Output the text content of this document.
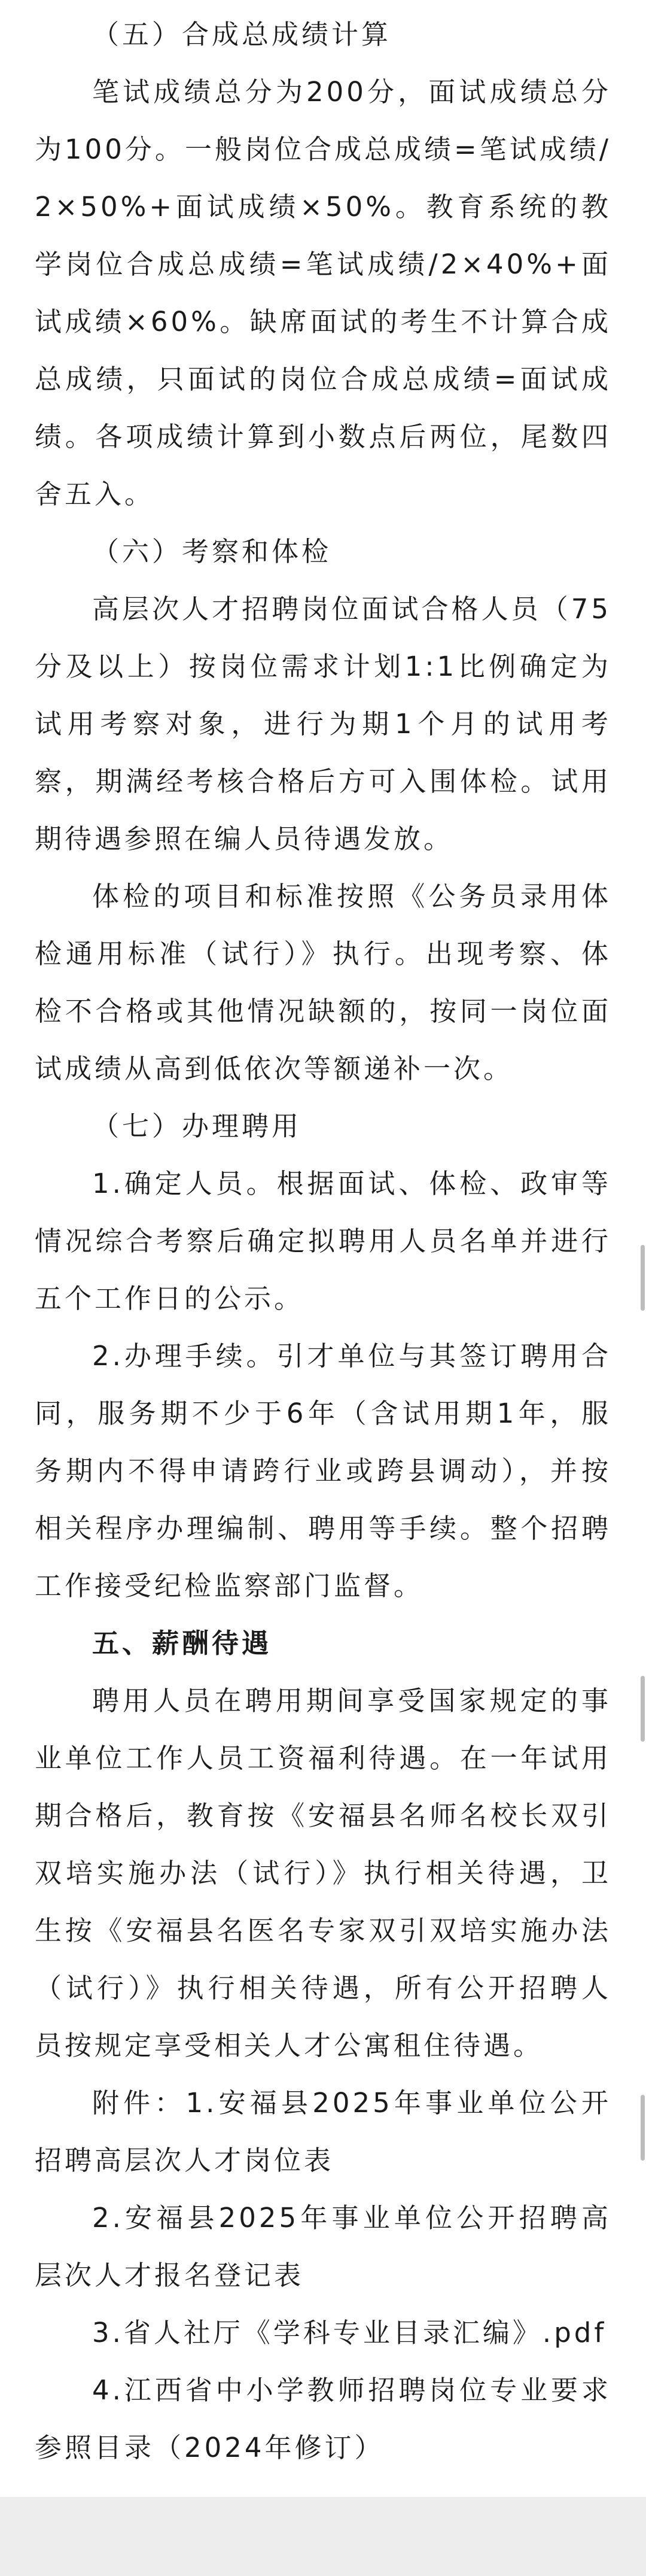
（五）合成总成绩计算

笔试成绩总分为200分，面试成绩总分为100分。一般岗位合成总成绩=笔试成绩/2×50%+面试成绩×50%。教育系统的教学岗位合成总成绩=笔试成绩/2×40%+面试成绩×60%。缺席面试的考生不计算合成总成绩，只面试的岗位合成总成绩=面试成绩。各项成绩计算到小数点后两位，尾数四舍五入。

（六）考察和体检

高层次人才招聘岗位面试合格人员（75分及以上）按岗位需求计划1:1比例确定为试用考察对象，进行为期1个月的试用考察，期满经考核合格后方可入围体检。试用期待遇参照在编人员待遇发放。

体检的项目和标准按照《公务员录用体检通用标准（试行）》执行。出现考察、体检不合格或其他情况缺额的，按同一岗位面试成绩从高到低依次等额递补一次。

（七）办理聘用

1.确定人员。根据面试、体检、政审等情况综合考察后确定拟聘用人员名单并进行五个工作日的公示。

2.办理手续。引才单位与其签订聘用合同，服务期不少于6年（含试用期1年，服务期内不得申请跨行业或跨县调动），并按相关程序办理编制、聘用等手续。整个招聘工作接受纪检监察部门监督。

五、薪酬待遇

聘用人员在聘用期间享受国家规定的事业单位工作人员工资福利待遇。在一年试用期合格后，教育按《安福县名师名校长双引双培实施办法（试行）》执行相关待遇，卫生按《安福县名医名专家双引双培实施办法（试行）》执行相关待遇，所有公开招聘人员按规定享受相关人才公寓租住待遇。

附件：1.安福县2025年事业单位公开招聘高层次人才岗位表

2.安福县2025年事业单位公开招聘高层次人才报名登记表

3.省人社厅《学科专业目录汇编》.pdf

4.江西省中小学教师招聘岗位专业要求参照目录（2024年修订）
